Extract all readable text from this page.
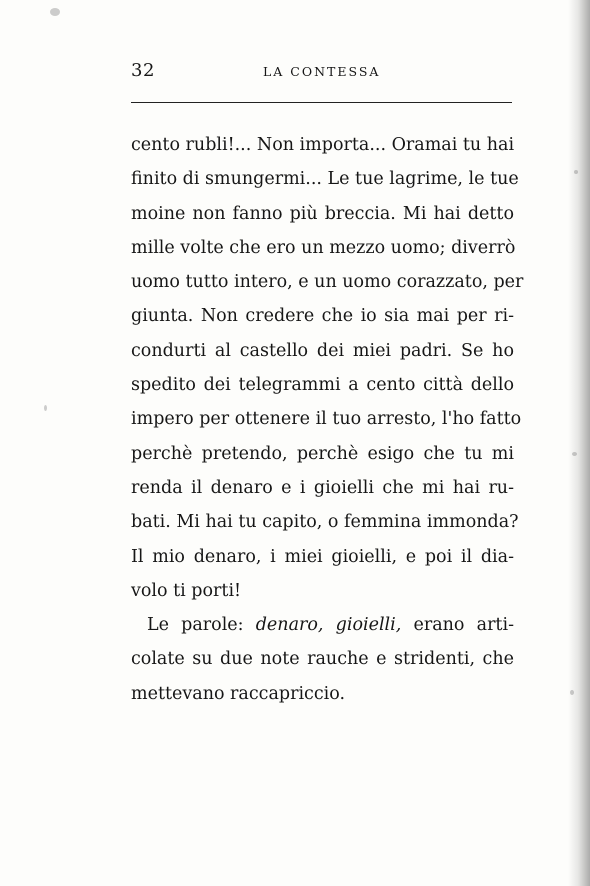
32	LA CONTESSA

cento rubli!... Non importa... Oramai tu hai
finito di smungermi... Le tue lagrime, le tue
moine non fanno più breccia. Mi hai detto
mille volte che ero un mezzo uomo; diverrò
uomo tutto intero, e un uomo corazzato, per
giunta. Non credere che io sia mai per ri-
condurti al castello dei miei padri. Se ho
spedito dei telegrammi a cento città dello
impero per ottenere il tuo arresto, l'ho fatto
perchè pretendo, perchè esigo che tu mi
renda il denaro e i gioielli che mi hai ru-
bati. Mi hai tu capito, o femmina immonda?
Il mio denaro, i miei gioielli, e poi il dia-
volo ti porti!
Le parole: denaro, gioielli, erano arti-
colate su due note rauche e stridenti, che
mettevano raccapriccio.
